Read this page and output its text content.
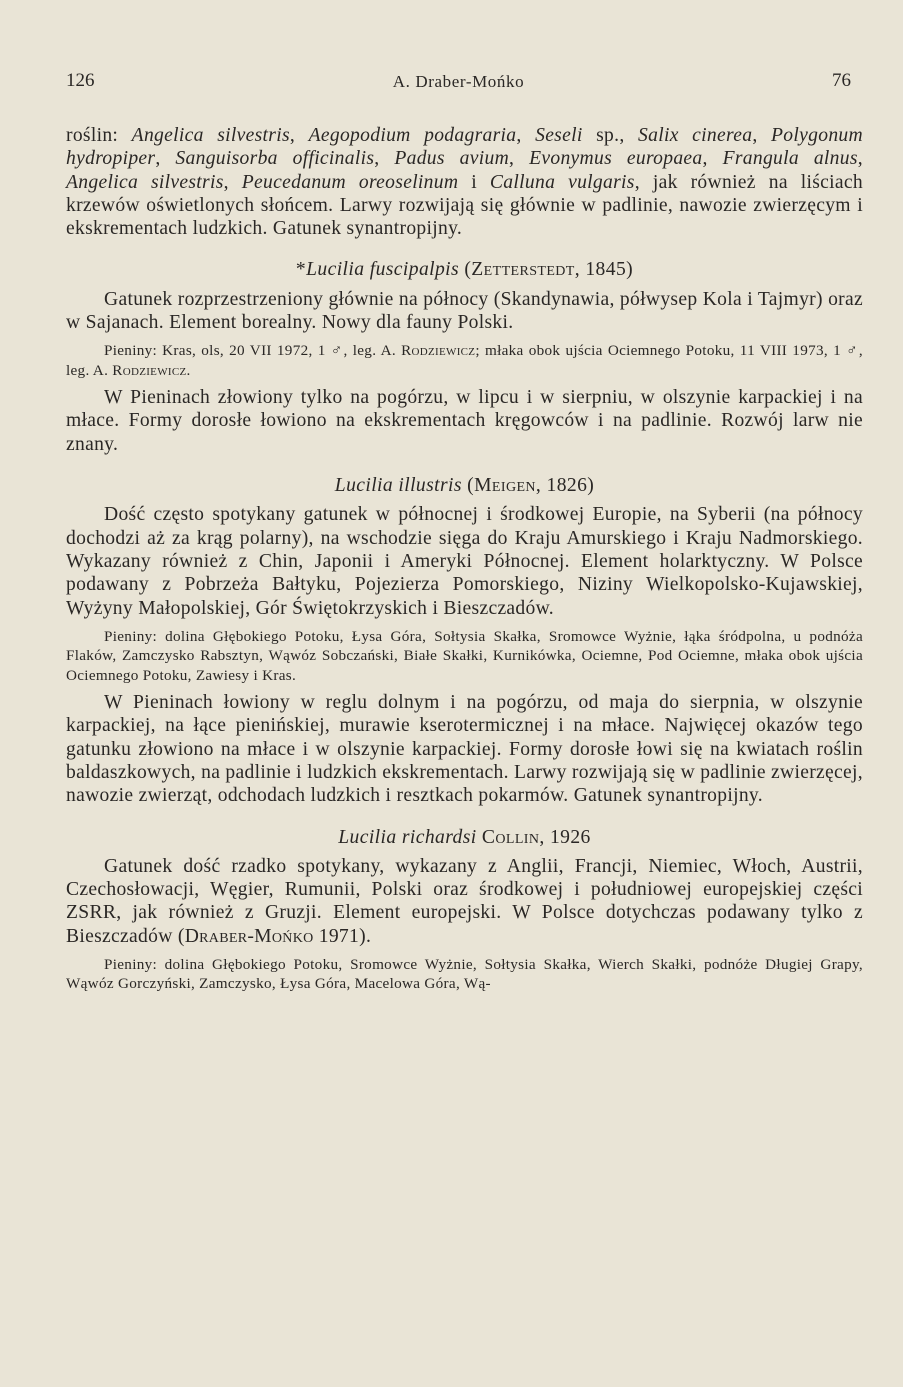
126	A. Draber-Mońko	76

roślin: Angelica silvestris, Aegopodium podagraria, Seseli sp., Salix cinerea, Polygonum hydropiper, Sanguisorba officinalis, Padus avium, Evonymus europaea, Frangula alnus, Angelica silvestris, Peucedanum oreoselinum i Calluna vulgaris, jak również na liściach krzewów oświetlonych słońcem. Larwy rozwijają się głównie w padlinie, nawozie zwierzęcym i ekskrementach ludzkich. Gatunek synantropijny.

*Lucilia fuscipalpis (Zetterstedt, 1845)

Gatunek rozprzestrzeniony głównie na północy (Skandynawia, półwysep Kola i Tajmyr) oraz w Sajanach. Element borealny. Nowy dla fauny Polski.

Pieniny: Kras, ols, 20 VII 1972, 1 ♂, leg. A. Rodziewicz; młaka obok ujścia Ociemnego Potoku, 11 VIII 1973, 1 ♂, leg. A. Rodziewicz.

W Pieninach złowiony tylko na pogórzu, w lipcu i w sierpniu, w olszynie karpackiej i na młace. Formy dorosłe łowiono na ekskrementach kręgowców i na padlinie. Rozwój larw nie znany.

Lucilia illustris (Meigen, 1826)

Dość często spotykany gatunek w północnej i środkowej Europie, na Syberii (na północy dochodzi aż za krąg polarny), na wschodzie sięga do Kraju Amurskiego i Kraju Nadmorskiego. Wykazany również z Chin, Japonii i Ameryki Północnej. Element holarktyczny. W Polsce podawany z Pobrzeża Bałtyku, Pojezierza Pomorskiego, Niziny Wielkopolsko-Kujawskiej, Wyżyny Małopolskiej, Gór Świętokrzyskich i Bieszczadów.

Pieniny: dolina Głębokiego Potoku, Łysa Góra, Sołtysia Skałka, Sromowce Wyżnie, łąka śródpolna, u podnóża Flaków, Zamczysko Rabsztyn, Wąwóz Sobczański, Białe Skałki, Kurnikówka, Ociemne, Pod Ociemne, młaka obok ujścia Ociemnego Potoku, Zawiesy i Kras.

W Pieninach łowiony w reglu dolnym i na pogórzu, od maja do sierpnia, w olszynie karpackiej, na łące pienińskiej, murawie kserotermicznej i na młace. Najwięcej okazów tego gatunku złowiono na młace i w olszynie karpackiej. Formy dorosłe łowi się na kwiatach roślin baldaszkowych, na padlinie i ludzkich ekskrementach. Larwy rozwijają się w padlinie zwierzęcej, nawozie zwierząt, odchodach ludzkich i resztkach pokarmów. Gatunek synantropijny.

Lucilia richardsi Collin, 1926

Gatunek dość rzadko spotykany, wykazany z Anglii, Francji, Niemiec, Włoch, Austrii, Czechosłowacji, Węgier, Rumunii, Polski oraz środkowej i południowej europejskiej części ZSRR, jak również z Gruzji. Element europejski. W Polsce dotychczas podawany tylko z Bieszczadów (Draber-Mońko 1971).

Pieniny: dolina Głębokiego Potoku, Sromowce Wyżnie, Sołtysia Skałka, Wierch Skałki, podnóże Długiej Grapy, Wąwóz Gorczyński, Zamczysko, Łysa Góra, Macelowa Góra, Wą-
